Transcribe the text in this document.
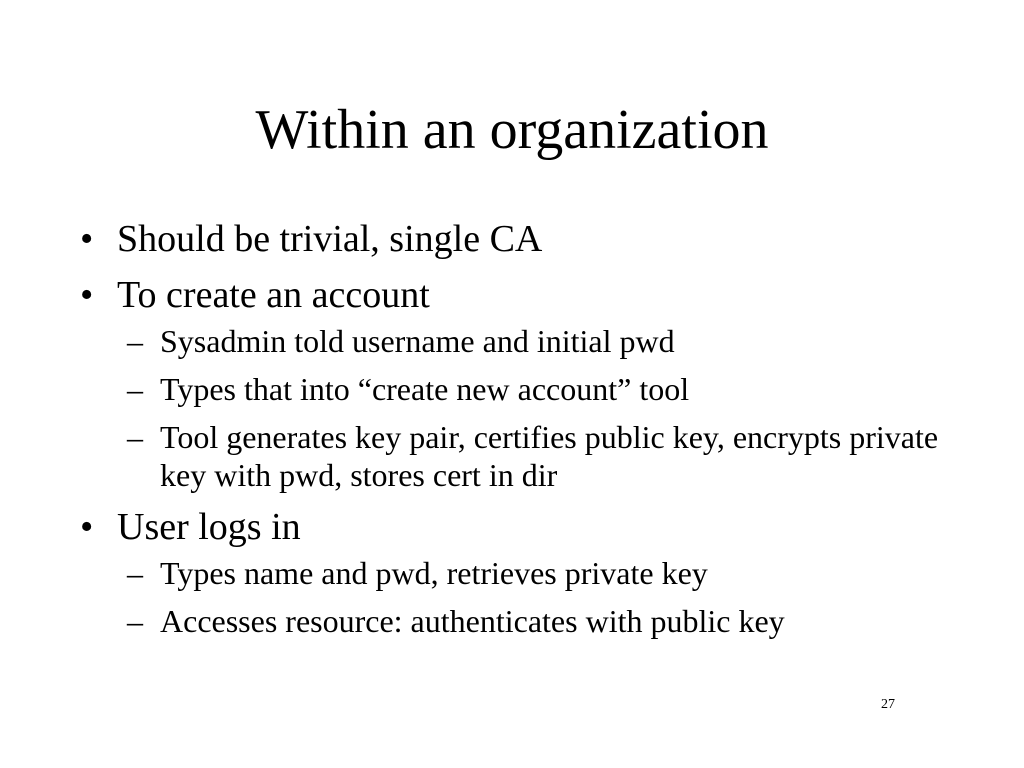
Within an organization
• Should be trivial, single CA
• To create an account
– Sysadmin told username and initial pwd
– Types that into “create new account” tool
– Tool generates key pair, certifies public key, encrypts private key with pwd, stores cert in dir
• User logs in
– Types name and pwd, retrieves private key
– Accesses resource: authenticates with public key
27
